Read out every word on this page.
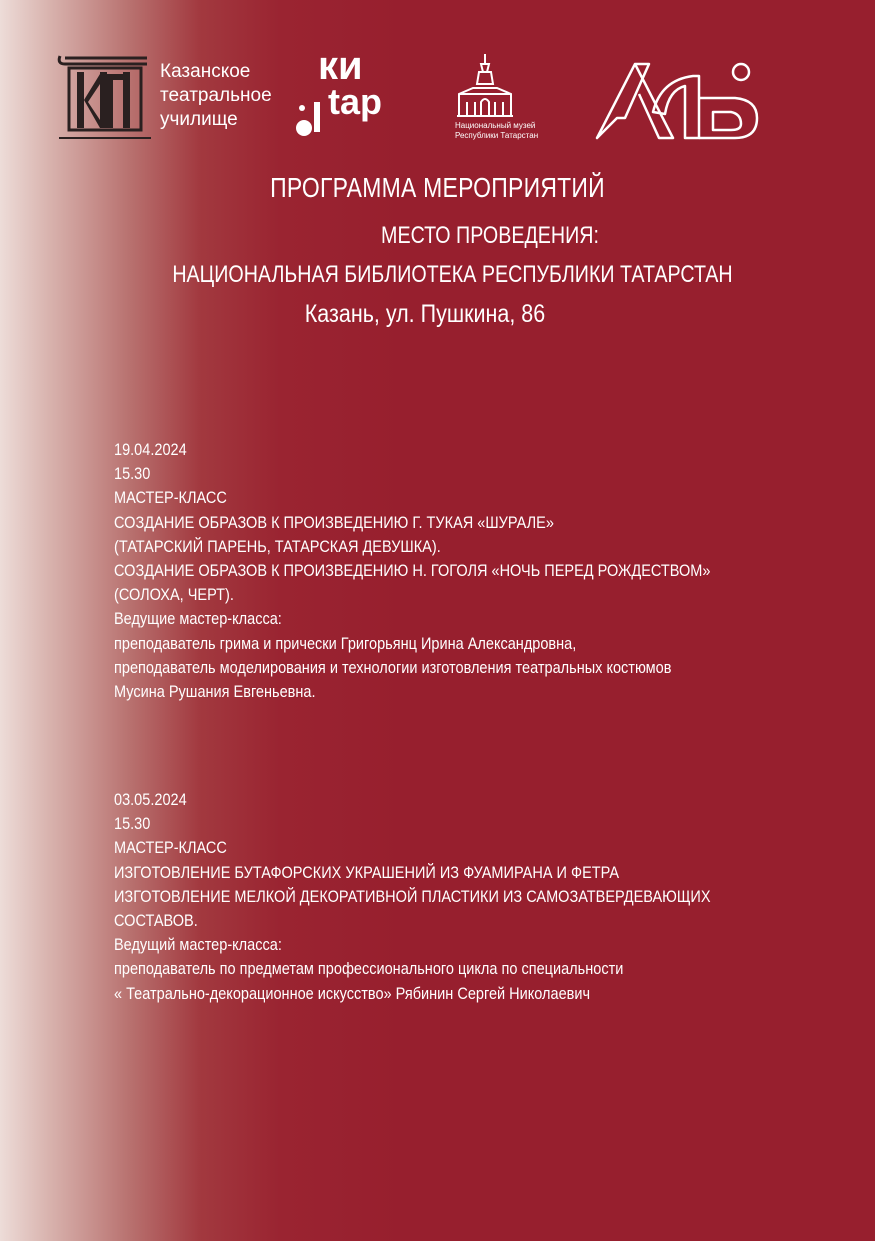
Казанское
театральное
училище
ки
tap
Национальный музей
Республики Татарстан
ПРОГРАММА МЕРОПРИЯТИЙ

МЕСТО ПРОВЕДЕНИЯ:

НАЦИОНАЛЬНАЯ БИБЛИОТЕКА РЕСПУБЛИКИ ТАТАРСТАН

Казань, ул. Пушкина, 86

19.04.2024
15.30
МАСТЕР-КЛАСС
СОЗДАНИЕ ОБРАЗОВ К ПРОИЗВЕДЕНИЮ Г. ТУКАЯ «ШУРАЛЕ»
(ТАТАРСКИЙ ПАРЕНЬ, ТАТАРСКАЯ ДЕВУШКА).
СОЗДАНИЕ ОБРАЗОВ К ПРОИЗВЕДЕНИЮ Н. ГОГОЛЯ «НОЧЬ ПЕРЕД РОЖДЕСТВОМ»
(СОЛОХА, ЧЕРТ).
Ведущие мастер-класса:
преподаватель грима и прически Григорьянц Ирина Александровна,
преподаватель моделирования и технологии изготовления театральных костюмов
Мусина Рушания Евгеньевна.
03.05.2024
15.30
МАСТЕР-КЛАСС
ИЗГОТОВЛЕНИЕ БУТАФОРСКИХ УКРАШЕНИЙ ИЗ ФУАМИРАНА И ФЕТРА
ИЗГОТОВЛЕНИЕ МЕЛКОЙ ДЕКОРАТИВНОЙ ПЛАСТИКИ ИЗ САМОЗАТВЕРДЕВАЮЩИХ
СОСТАВОВ.
Ведущий мастер-класса:
преподаватель по предметам профессионального цикла по специальности
« Театрально-декорационное искусство» Рябинин Сергей Николаевич
